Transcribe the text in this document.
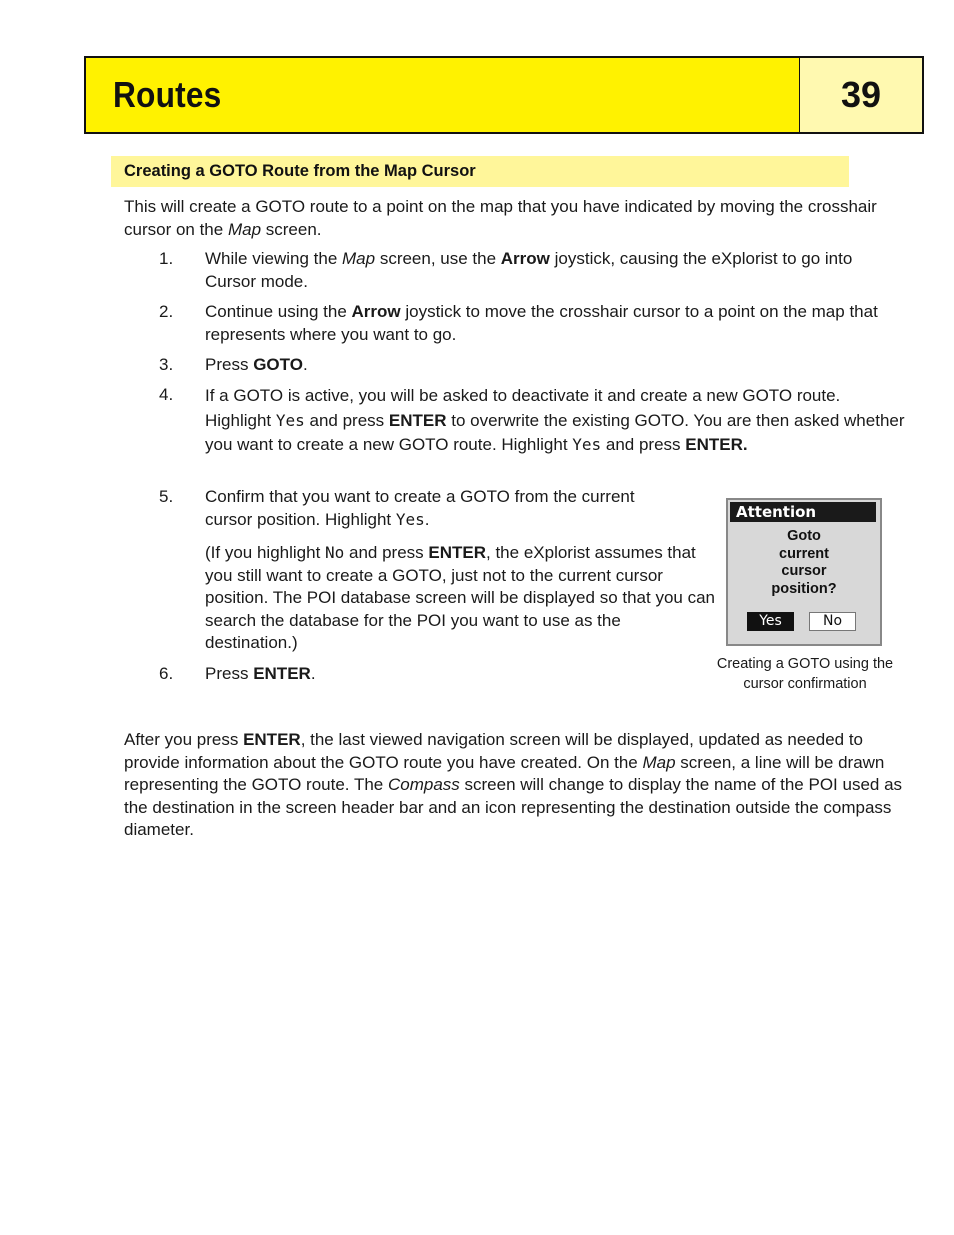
Routes	39
Creating a GOTO Route from the Map Cursor
This will create a GOTO route to a point on the map that you have indicated by moving the crosshair cursor on the Map screen.
1. While viewing the Map screen, use the Arrow joystick, causing the eXplorist to go into Cursor mode.
2. Continue using the Arrow joystick to move the crosshair cursor to a point on the map that represents where you want to go.
3. Press GOTO.
4. If a GOTO is active, you will be asked to deactivate it and create a new GOTO route. Highlight Yes and press ENTER to overwrite the existing GOTO. You are then asked whether you want to create a new GOTO route. Highlight Yes and press ENTER.
5. Confirm that you want to create a GOTO from the current cursor position. Highlight Yes.
(If you highlight No and press ENTER, the eXplorist assumes that you still want to create a GOTO, just not to the current cursor position. The POI database screen will be displayed so that you can search the database for the POI you want to use as the destination.)
6. Press ENTER.
Attention
Goto
current
cursor
position?
Yes	No
Creating a GOTO using the
cursor confirmation
After you press ENTER, the last viewed navigation screen will be displayed, updated as needed to provide information about the GOTO route you have created. On the Map screen, a line will be drawn representing the GOTO route. The Compass screen will change to display the name of the POI used as the destination in the screen header bar and an icon representing the destination outside the compass diameter.
